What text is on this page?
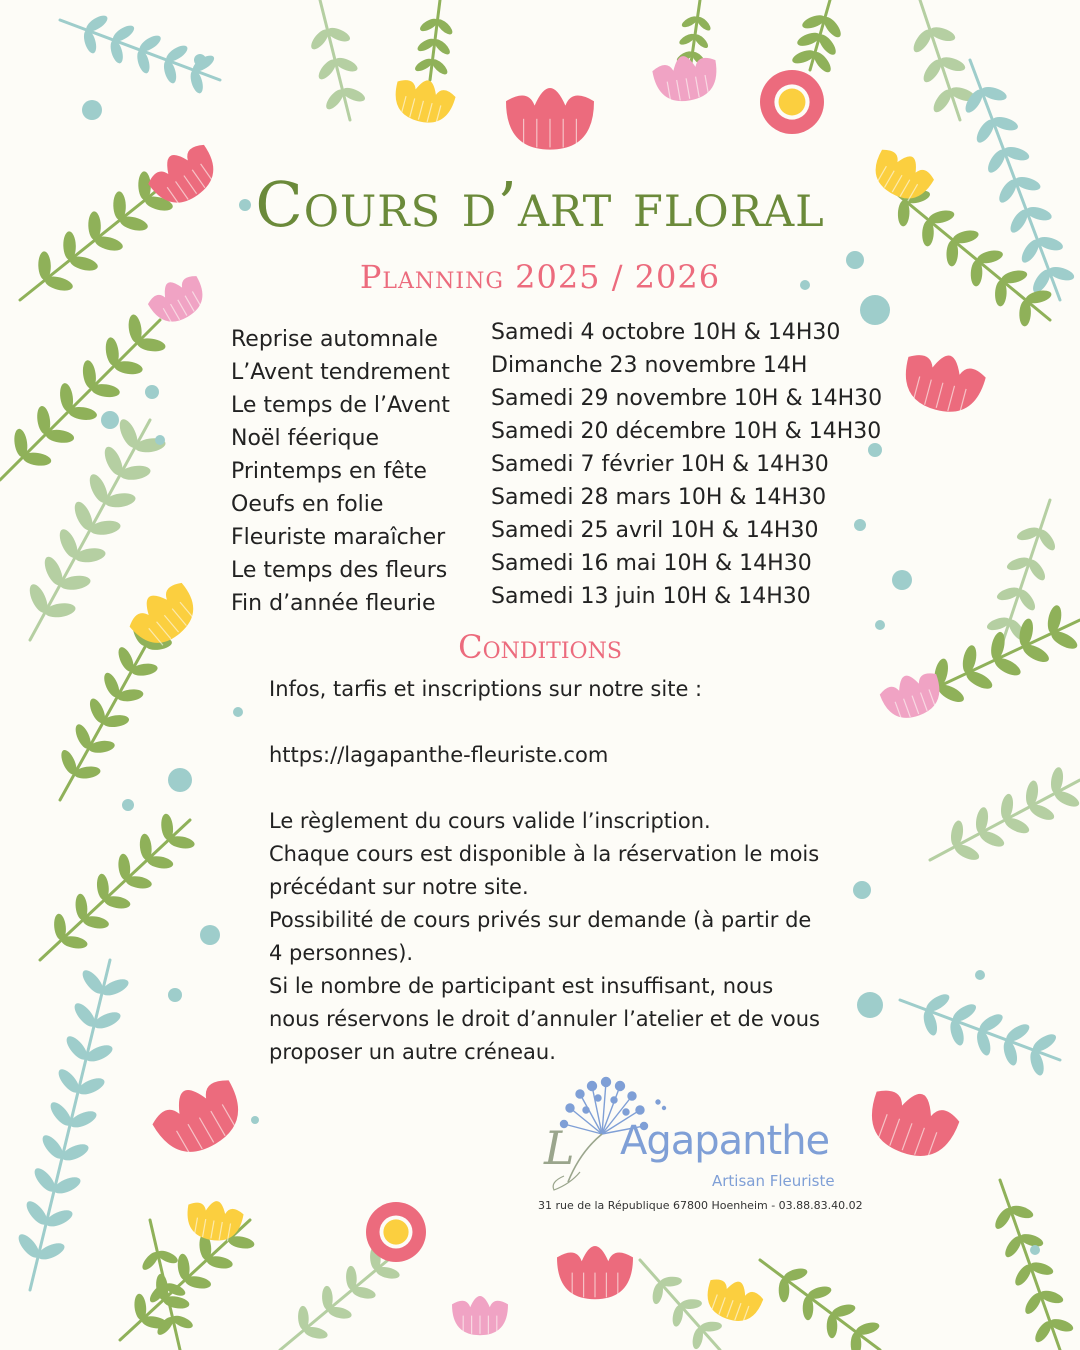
Cours d’art floral
Planning 2025 / 2026
Reprise automnale
L’Avent tendrement
Le temps de l’Avent
Noël féerique
Printemps en fête
Oeufs en folie
Fleuriste maraîcher
Le temps des fleurs
Fin d’année fleurie
Samedi 4 octobre 10H & 14H30
Dimanche 23 novembre 14H
Samedi 29 novembre 10H & 14H30
Samedi 20 décembre 10H & 14H30
Samedi 7 février 10H & 14H30
Samedi 28 mars 10H & 14H30
Samedi 25 avril 10H & 14H30
Samedi 16 mai 10H & 14H30
Samedi 13 juin 10H & 14H30
Conditions

Infos, tarfis et inscriptions sur notre site :

https://lagapanthe-fleuriste.com

Le règlement du cours valide l’inscription.

Chaque cours est disponible à la réservation le mois précédant sur notre site.

Possibilité de cours privés sur demande (à partir de 4 personnes).

Si le nombre de participant est insuffisant, nous nous réservons le droit d’annuler l’atelier et de vous proposer un autre créneau.

L Agapanthe
Artisan Fleuriste
31 rue de la République 67800 Hoenheim - 03.88.83.40.02
